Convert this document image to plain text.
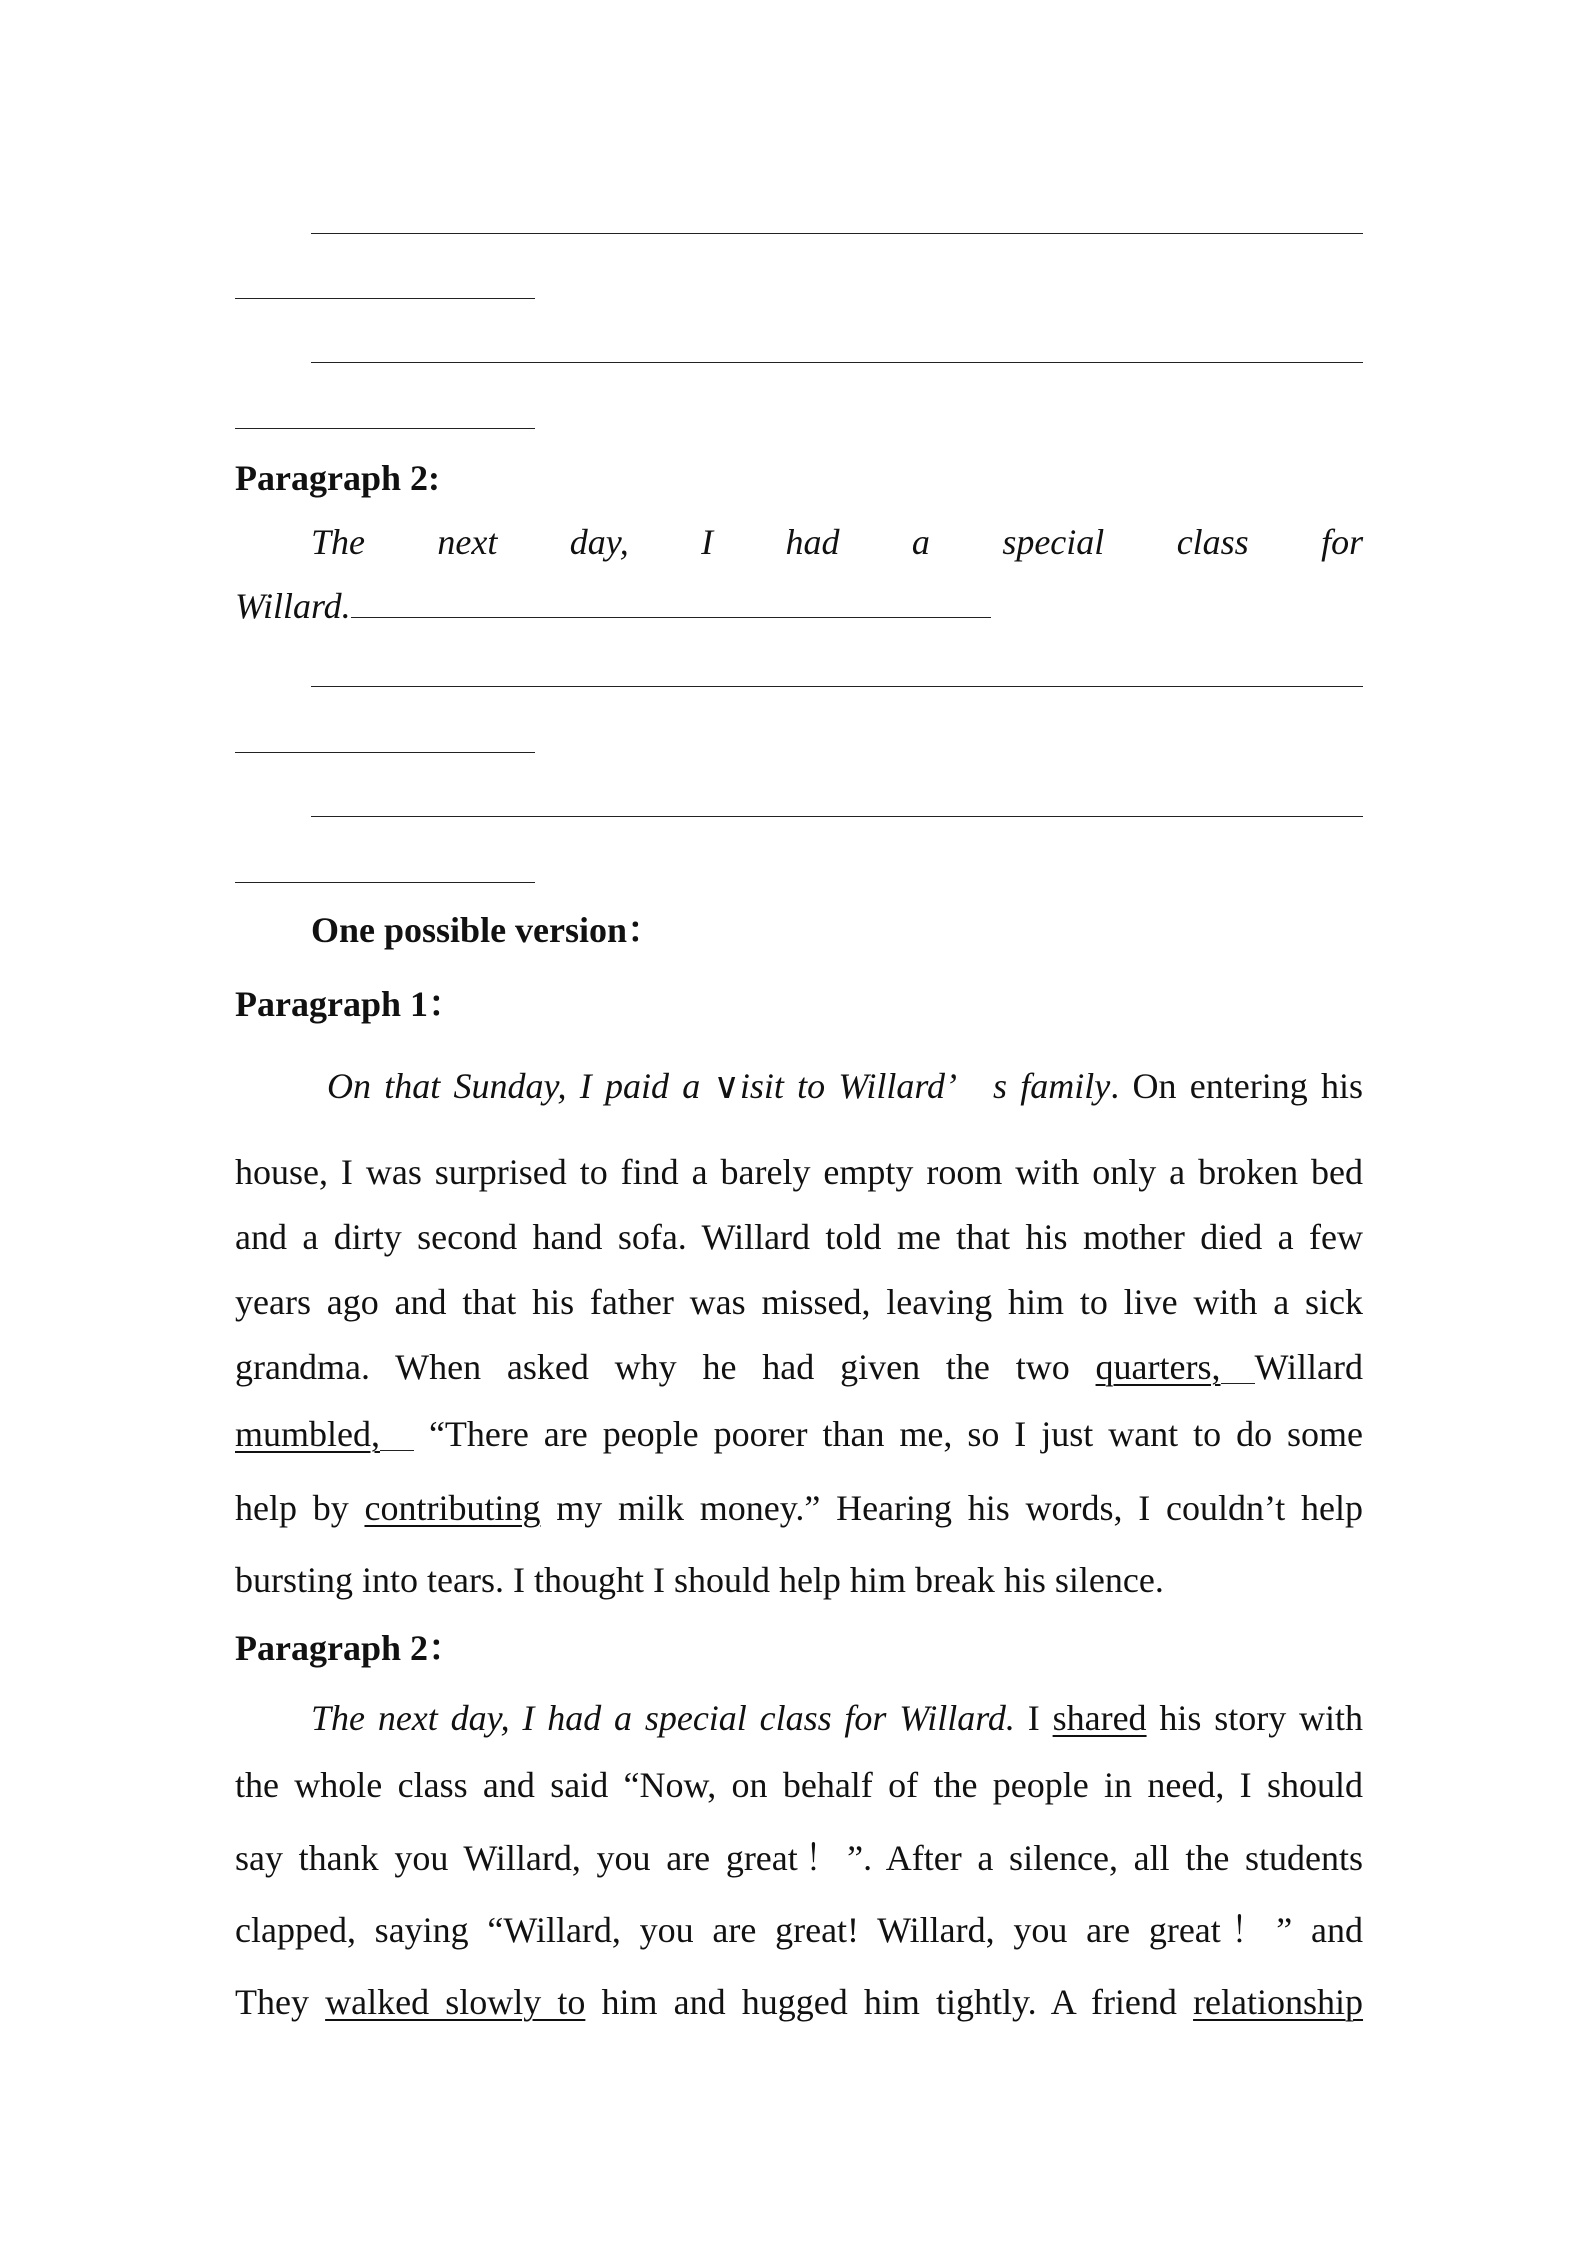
Paragraph 2:
The next day, I had a special class for
Willard.
One possible version：
Paragraph 1：
On that Sunday, I paid a ∨isit to Willard’ s family. On entering his
house, I was surprised to find a barely empty room with only a broken bed
and a dirty second hand sofa. Willard told me that his mother died a few
years ago and that his father was missed, leaving him to live with a sick
grandma. When asked why he had given the two quarters, Willard
mumbled, “There are people poorer than me, so I just want to do some
help by contributing my milk money.” Hearing his words, I couldn’t help
bursting into tears. I thought I should help him break his silence.
Paragraph 2：
The next day, I had a special class for Willard. I shared his story with
the whole class and said “Now, on behalf of the people in need, I should
say thank you Willard, you are great！”. After a silence, all the students
clapped, saying “Willard, you are great! Willard, you are great！” and
They walked slowly to him and hugged him tightly. A friend relationship
